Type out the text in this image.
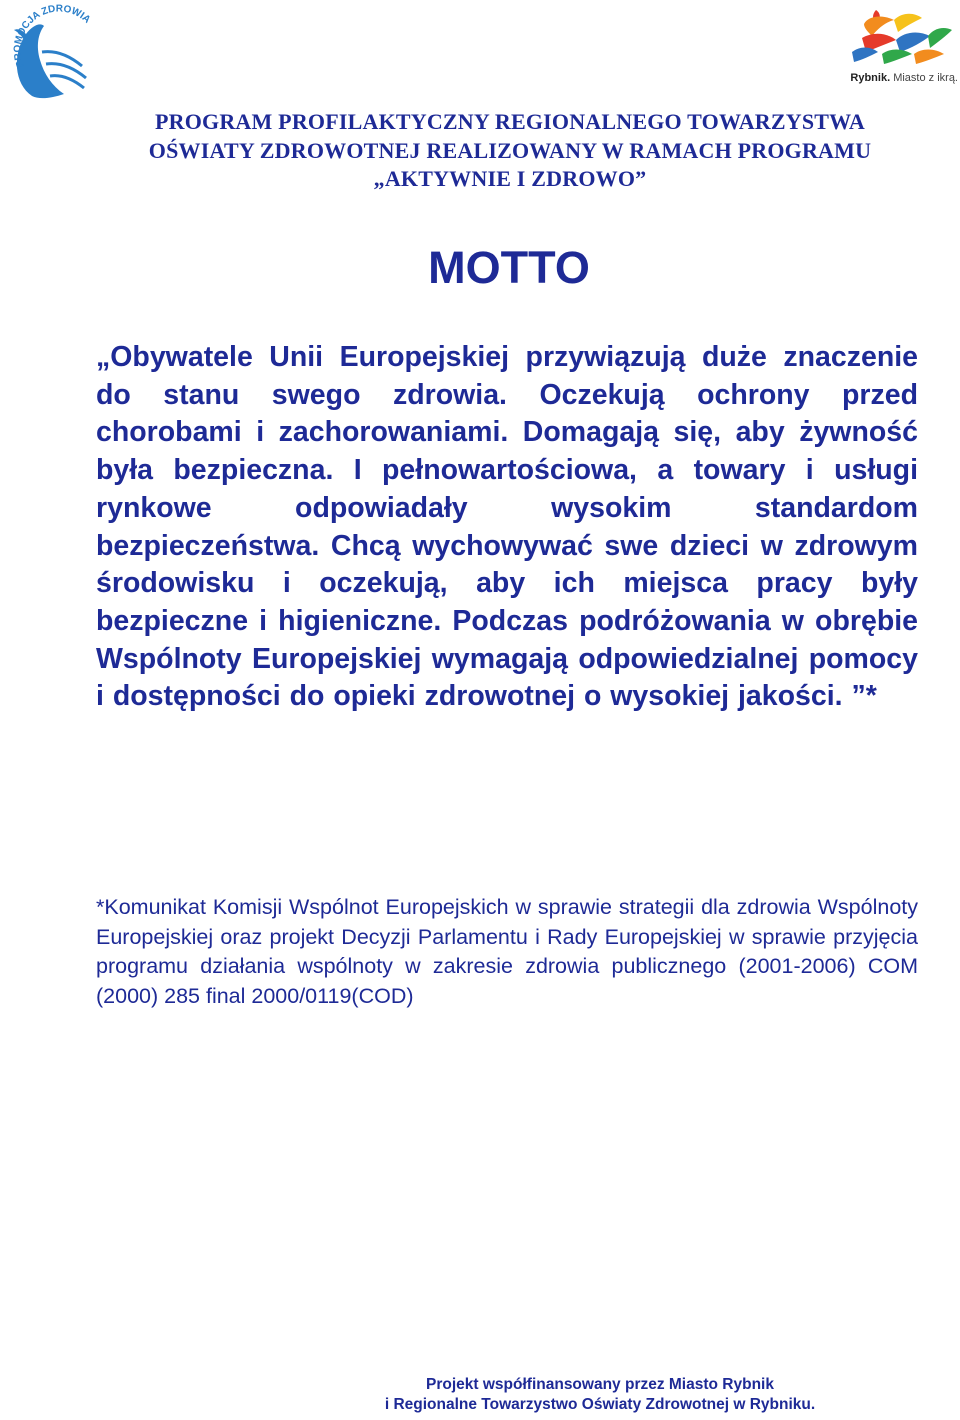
PROMOCJA ZDROWIA
Rybnik. Miasto z ikrą.
PROGRAM PROFILAKTYCZNY REGIONALNEGO TOWARZYSTWA
OŚWIATY ZDROWOTNEJ REALIZOWANY W RAMACH PROGRAMU
„AKTYWNIE I ZDROWO”
MOTTO
„Obywatele Unii Europejskiej przywiązują duże znaczenie do stanu swego zdrowia. Oczekują ochrony przed chorobami i zachorowaniami. Domagają się, aby żywność była bezpieczna. I pełnowartościowa, a towary i usługi rynkowe odpowiadały wysokim standardom bezpieczeństwa. Chcą wychowywać swe dzieci w zdrowym środowisku i oczekują, aby ich miejsca pracy były bezpieczne i higieniczne. Podczas podróżowania w obrębie Wspólnoty Europejskiej wymagają odpowiedzialnej pomocy i dostępności do opieki zdrowotnej o wysokiej jakości. ”*
*Komunikat Komisji Wspólnot Europejskich w sprawie strategii dla zdrowia Wspólnoty Europejskiej oraz projekt Decyzji Parlamentu i Rady Europejskiej w sprawie przyjęcia programu działania wspólnoty w zakresie zdrowia publicznego (2001-2006) COM (2000) 285 final 2000/0119(COD)
Projekt współfinansowany przez Miasto Rybnik
i Regionalne Towarzystwo Oświaty Zdrowotnej w Rybniku.
